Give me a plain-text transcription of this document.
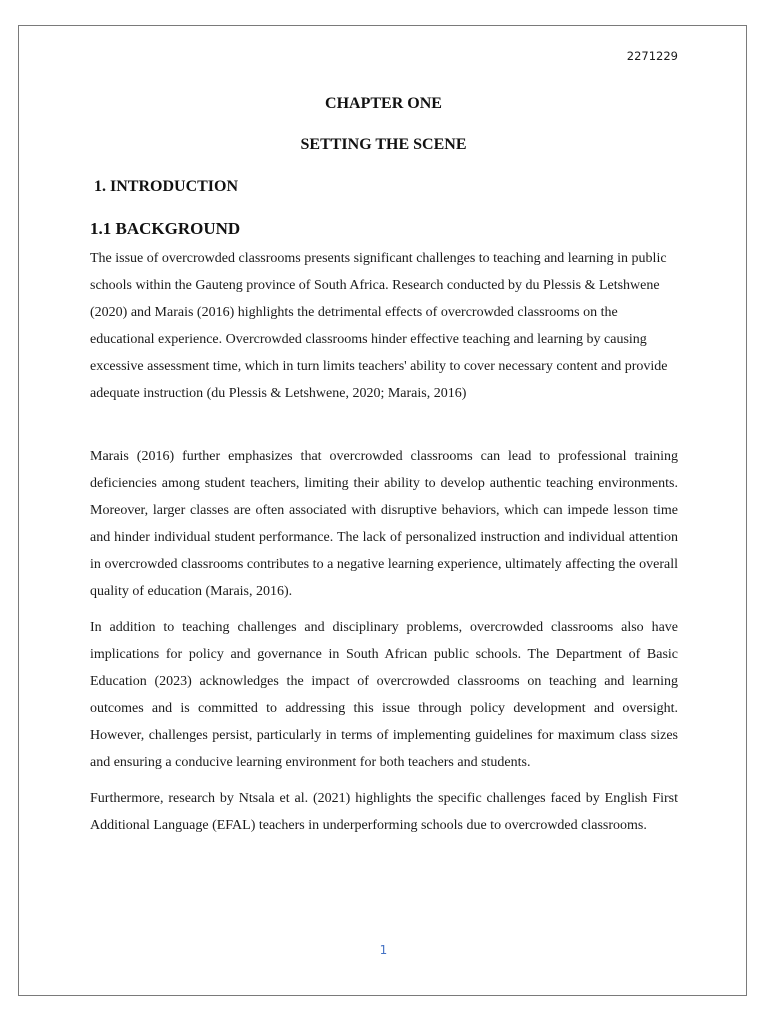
2271229
CHAPTER ONE
SETTING THE SCENE
1. INTRODUCTION
1.1 BACKGROUND

The issue of overcrowded classrooms presents significant challenges to teaching and learning in public schools within the Gauteng province of South Africa. Research conducted by du Plessis & Letshwene (2020) and Marais (2016) highlights the detrimental effects of overcrowded classrooms on the educational experience. Overcrowded classrooms hinder effective teaching and learning by causing excessive assessment time, which in turn limits teachers' ability to cover necessary content and provide adequate instruction (du Plessis & Letshwene, 2020; Marais, 2016)

Marais (2016) further emphasizes that overcrowded classrooms can lead to professional training deficiencies among student teachers, limiting their ability to develop authentic teaching environments. Moreover, larger classes are often associated with disruptive behaviors, which can impede lesson time and hinder individual student performance. The lack of personalized instruction and individual attention in overcrowded classrooms contributes to a negative learning experience, ultimately affecting the overall quality of education (Marais, 2016).

In addition to teaching challenges and disciplinary problems, overcrowded classrooms also have implications for policy and governance in South African public schools. The Department of Basic Education (2023) acknowledges the impact of overcrowded classrooms on teaching and learning outcomes and is committed to addressing this issue through policy development and oversight. However, challenges persist, particularly in terms of implementing guidelines for maximum class sizes and ensuring a conducive learning environment for both teachers and students.

Furthermore, research by Ntsala et al. (2021) highlights the specific challenges faced by English First Additional Language (EFAL) teachers in underperforming schools due to overcrowded classrooms.

1
